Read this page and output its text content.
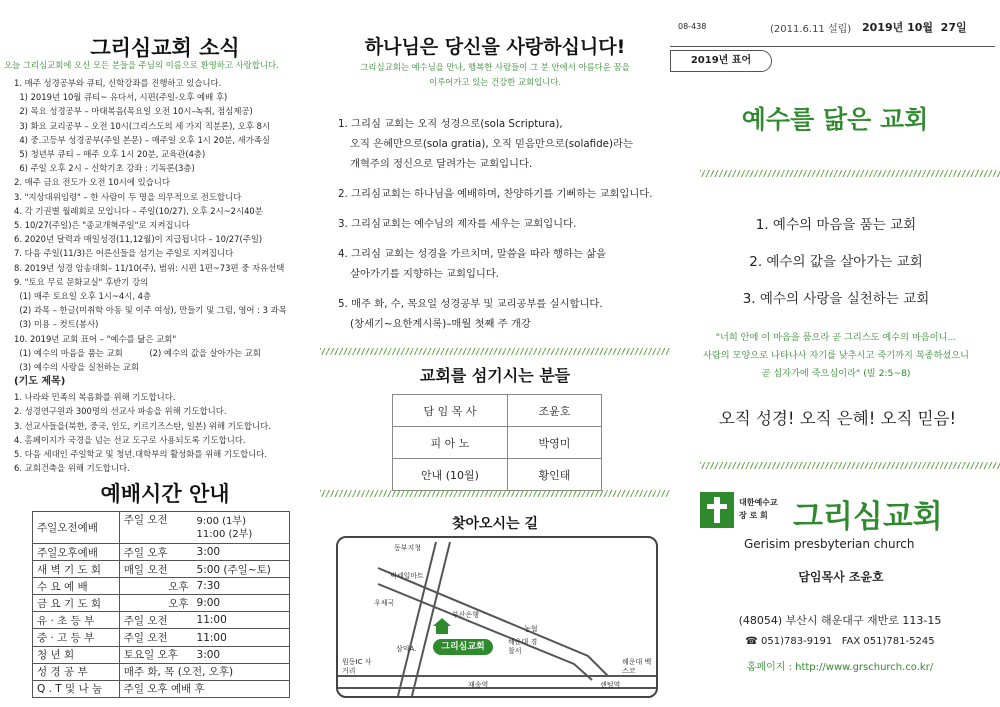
그리심교회 소식
오늘 그리심교회에 오신 모든 분들을 주님의 이름으로 환영하고 사랑합니다.
1. 매주 성경공부와 큐티, 신학강좌를 진행하고 있습니다.
1) 2019년 10월 큐티~ 유다서, 시편(주일-오후 예배 후)
2) 목요 성경공부 – 마태복음(목요일 오전 10시–녹취, 점심제공)
3) 화요 교리공부 – 오전 10시(그리스도의 세 가지 직분론), 오후 8시
4) 중.고등부 성경공부(주일 본문) – 매주일 오후 1시 20분, 세가족실
5) 청년부 큐티 – 매주 오후 1시 20분, 교육관(4층)
6) 주일 오후 2시 – 신학기초 강좌 : 기독론(3층)
2. 매주 금요 전도가 오전 10시에 있습니다
3. "지상대위임령" – 한 사람이 두 명을 의무적으로 전도합니다
4. 각 기권별 월례회로 모입니다 – 주일(10/27), 오후 2시~2시40분
5. 10/27(주일)은 "종교개혁주일"로 지켜집니다
6. 2020년 달력과 매일성경(11,12월)이 지급됩니다 – 10/27(주일)
7. 다음 주일(11/3)은 어른신들을 섬기는 주일로 지켜집니다
8. 2019년 성경 암송대회– 11/10(주), 범위: 시편 1편~73편 중 자유선택
9. "토요 무료 문화교실" 후반기 강의
(1) 매주 토요일 오후 1시~4시, 4층
(2) 과목 – 한글(미취학 아동 및 이주 여성), 만들기 및 그림, 영어 : 3 과목
(3) 미용 – 컷트(봉사)
10. 2019년 교회 표어 – "예수를 닮은 교회"
(1) 예수의 마음을 품는 교회          (2) 예수의 값을 살아가는 교회
(3) 예수의 사랑을 실천하는 교회
(기도 제목)
1. 나라와 민족의 복음화를 위해 기도합니다.
2. 성경연구원과 300명의 선교사 파송을 위해 기도합니다.
3. 선교사들을(북한, 중국, 인도, 키르기즈스탄, 일본) 위해 기도합니다.
4. 홈페이지가 국경을 넘는 선교 도구로 사용되도록 기도합니다.
5. 다음 세대인 주일학교 및 청년.대학부의 활성화를 위해 기도합니다.
6. 교회건축을 위해 기도합니다.
예배시간 안내
주일오전예배	주일 오전	9:00 (1부)
11:00 (2부)

주일오후예배	주일 오후	3:00
새 벽 기 도 회	매일 오전	5:00 (주일~토)
수 요 예 배	오후	7:30
금 요 기 도 회	오후	9:00
유 · 초 등 부	주일 오전	11:00
중 · 고 등 부	주일 오전	11:00
청 년 회	토요일 오후	3:00
성 경 공 부	매주 화, 목 (오전, 오후)	
Q . T 및 나 눔	주일 오후 예배 후	
하나님은 당신을 사랑하십니다!
그리심교회는 예수님을 만나, 행복한 사람들이 그 분 안에서 아름다운 꿈을
이루어가고 있는 건강한 교회입니다.

1. 그리심 교회는 오직 성경으로(sola Scriptura),

오직 은혜만으로(sola gratia), 오직 믿음만으로(solafide)라는

개혁주의 정신으로 달려가는 교회입니다.

2. 그리심교회는 하나님을 예배하며, 찬양하기를 기뻐하는 교회입니다.

3. 그리심교회는 예수님의 제자를 세우는 교회입니다.

4. 그리심 교회는 성경을 가르치며, 말씀을 따라 행하는 삶을

살아가기를 지향하는 교회입니다.

5. 매주 화, 수, 목요일 성경공부 및 교리공부를 실시합니다.

(창세기~요한계시록)–매월 첫째 주 개강

교회를 섬기시는 분들
담 임 목 사	조윤호
피 아 노	박영미
안내 (10월)	황인태
찾아오시는 길
그리심교회
동부지청
빅세일마트
우체국
부산은행
농협
해운대 경찰서
삼익A.
원동IC 사거리
해운대 벡스코
재송역	센텀역
08-438	(2011.6.11 설립) 2019년 10월  27일
2019년 표어
예수를 닮은 교회
1. 예수의 마음을 품는 교회
2. 예수의 값을 살아가는 교회
3. 예수의 사랑을 실천하는 교회
"너희 안에 이 마음을 품으라 곧 그리스도 예수의 마음이니...
사람의 모양으로 나타나사 자기를 낮추시고 죽기까지 복종하셨으니
곧 십자가에 죽으심이라" (빌 2:5~8)
오직 성경! 오직 은혜! 오직 믿음!
대한예수교
장 로 회 그리심교회
Gerisim presbyterian church
담임목사 조윤호
(48054) 부산시 해운대구 재반로 113-15
☎ 051)783-9191   FAX 051)781-5245
홈페이지 : http://www.grschurch.co.kr/
